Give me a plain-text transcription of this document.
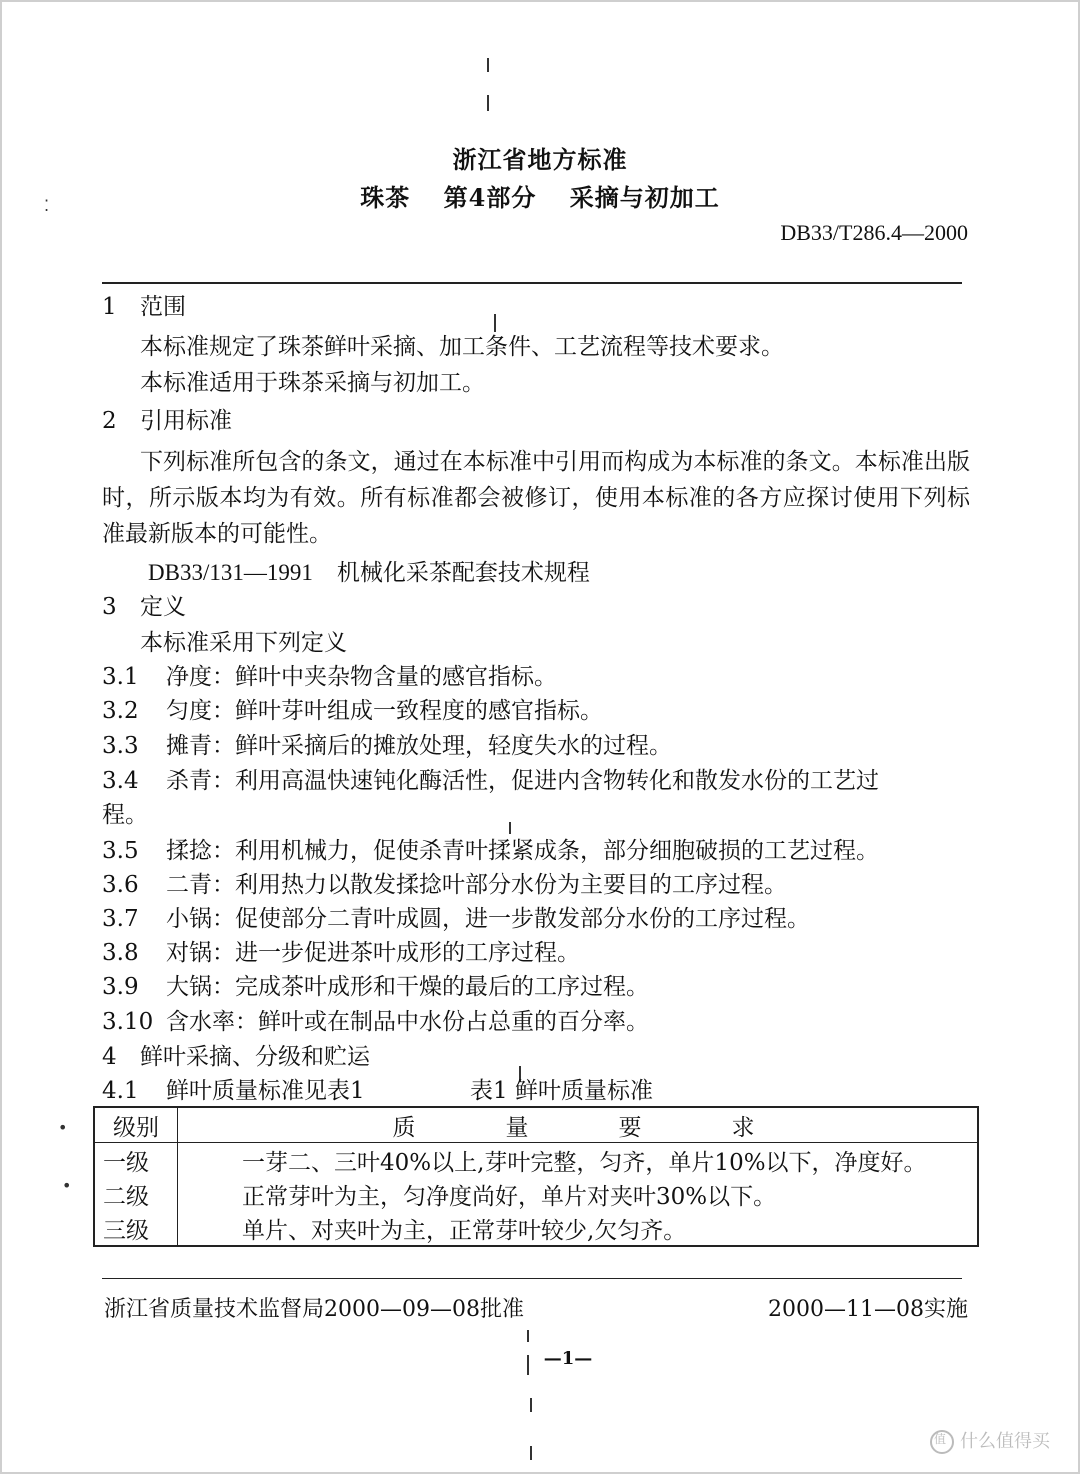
⁚
•
•
浙江省地方标准
珠茶 第4部分 采摘与初加工
DB33/T286.4—2000
1 范围
本标准规定了珠茶鲜叶采摘、加工条件、工艺流程等技术要求。
本标准适用于珠茶采摘与初加工。
2 引用标准
下列标准所包含的条文，通过在本标准中引用而构成为本标准的条文。本标准出版时，所示版本均为有效。所有标准都会被修订，使用本标准的各方应探讨使用下列标准最新版本的可能性。
DB33/131—1991 机械化采茶配套技术规程
3 定义
本标准采用下列定义
3.1 净度：鲜叶中夹杂物含量的感官指标。
3.2 匀度：鲜叶芽叶组成一致程度的感官指标。
3.3 摊青：鲜叶采摘后的摊放处理，轻度失水的过程。
3.4 杀青：利用高温快速钝化酶活性，促进内含物转化和散发水份的工艺过
程。
3.5 揉捻：利用机械力，促使杀青叶揉紧成条，部分细胞破损的工艺过程。
3.6 二青：利用热力以散发揉捻叶部分水份为主要目的工序过程。
3.7 小锅：促使部分二青叶成圆，进一步散发部分水份的工序过程。
3.8 对锅：进一步促进茶叶成形的工序过程。
3.9 大锅：完成茶叶成形和干燥的最后的工序过程。
3.10 含水率：鲜叶或在制品中水份占总重的百分率。
4 鲜叶采摘、分级和贮运
4.1 鲜叶质量标准见表1	表1 鲜叶质量标准
级别	质量要求
一级	一芽二、三叶40%以上,芽叶完整，匀齐，单片10%以下，净度好。
二级	正常芽叶为主，匀净度尚好，单片对夹叶30%以下。
三级	单片、对夹叶为主，正常芽叶较少,欠匀齐。
浙江省质量技术监督局2000—09—08批准	2000—11—08实施
—1—
值什么值得买
